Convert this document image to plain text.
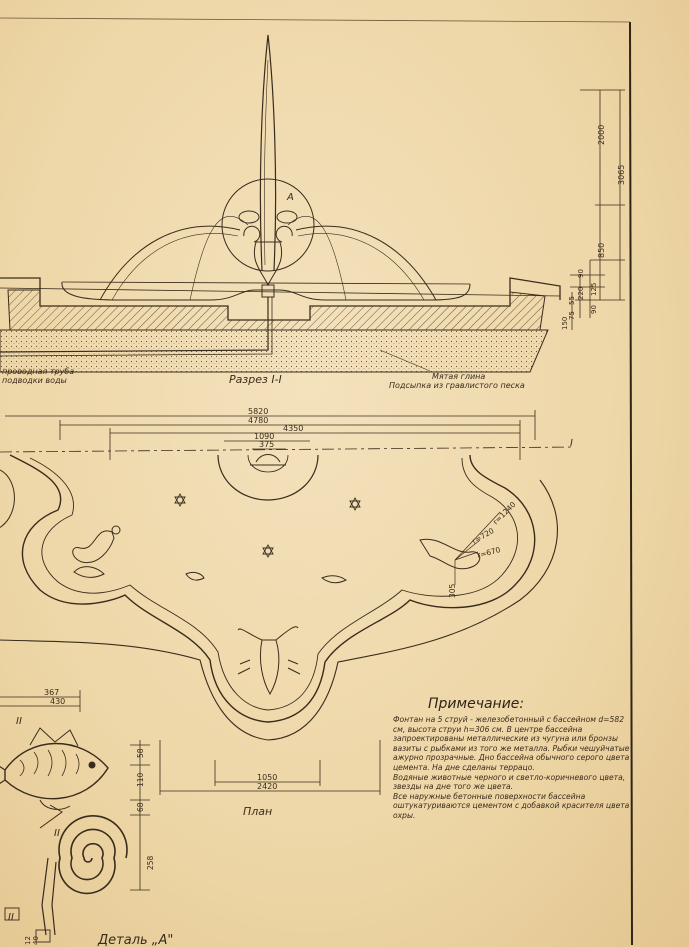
2000
3065
850
90
220
55
125
90
75
150
А
Разрез I-I
проводная труба
подводки воды	Мятая глина
Подсыпка из гравлистого песка
5820
4780
4350
1090
375	I
r=1240
r=720
r=670
305
1050
2420
План
367
430
58
110
68
258
12 40
II
II
II
Деталь „А"
Примечание:

Фонтан на 5 струй - железобетонный с бассейном d=582 см, высота струи h=306 см. В центре бассейна запроектированы металлические из чугуна или бронзы вазиты с рыбками из того же металла. Рыбки чешуйчатые ажурно прозрачные. Дно бассейна обычного серого цвета цемента. На дне сделаны террацо.

Водяные животные черного и светло-коричневого цвета, звезды на дне того же цвета.

Все наружные бетонные поверхности бассейна оштукатуриваются цементом с добавкой красителя цвета охры.
